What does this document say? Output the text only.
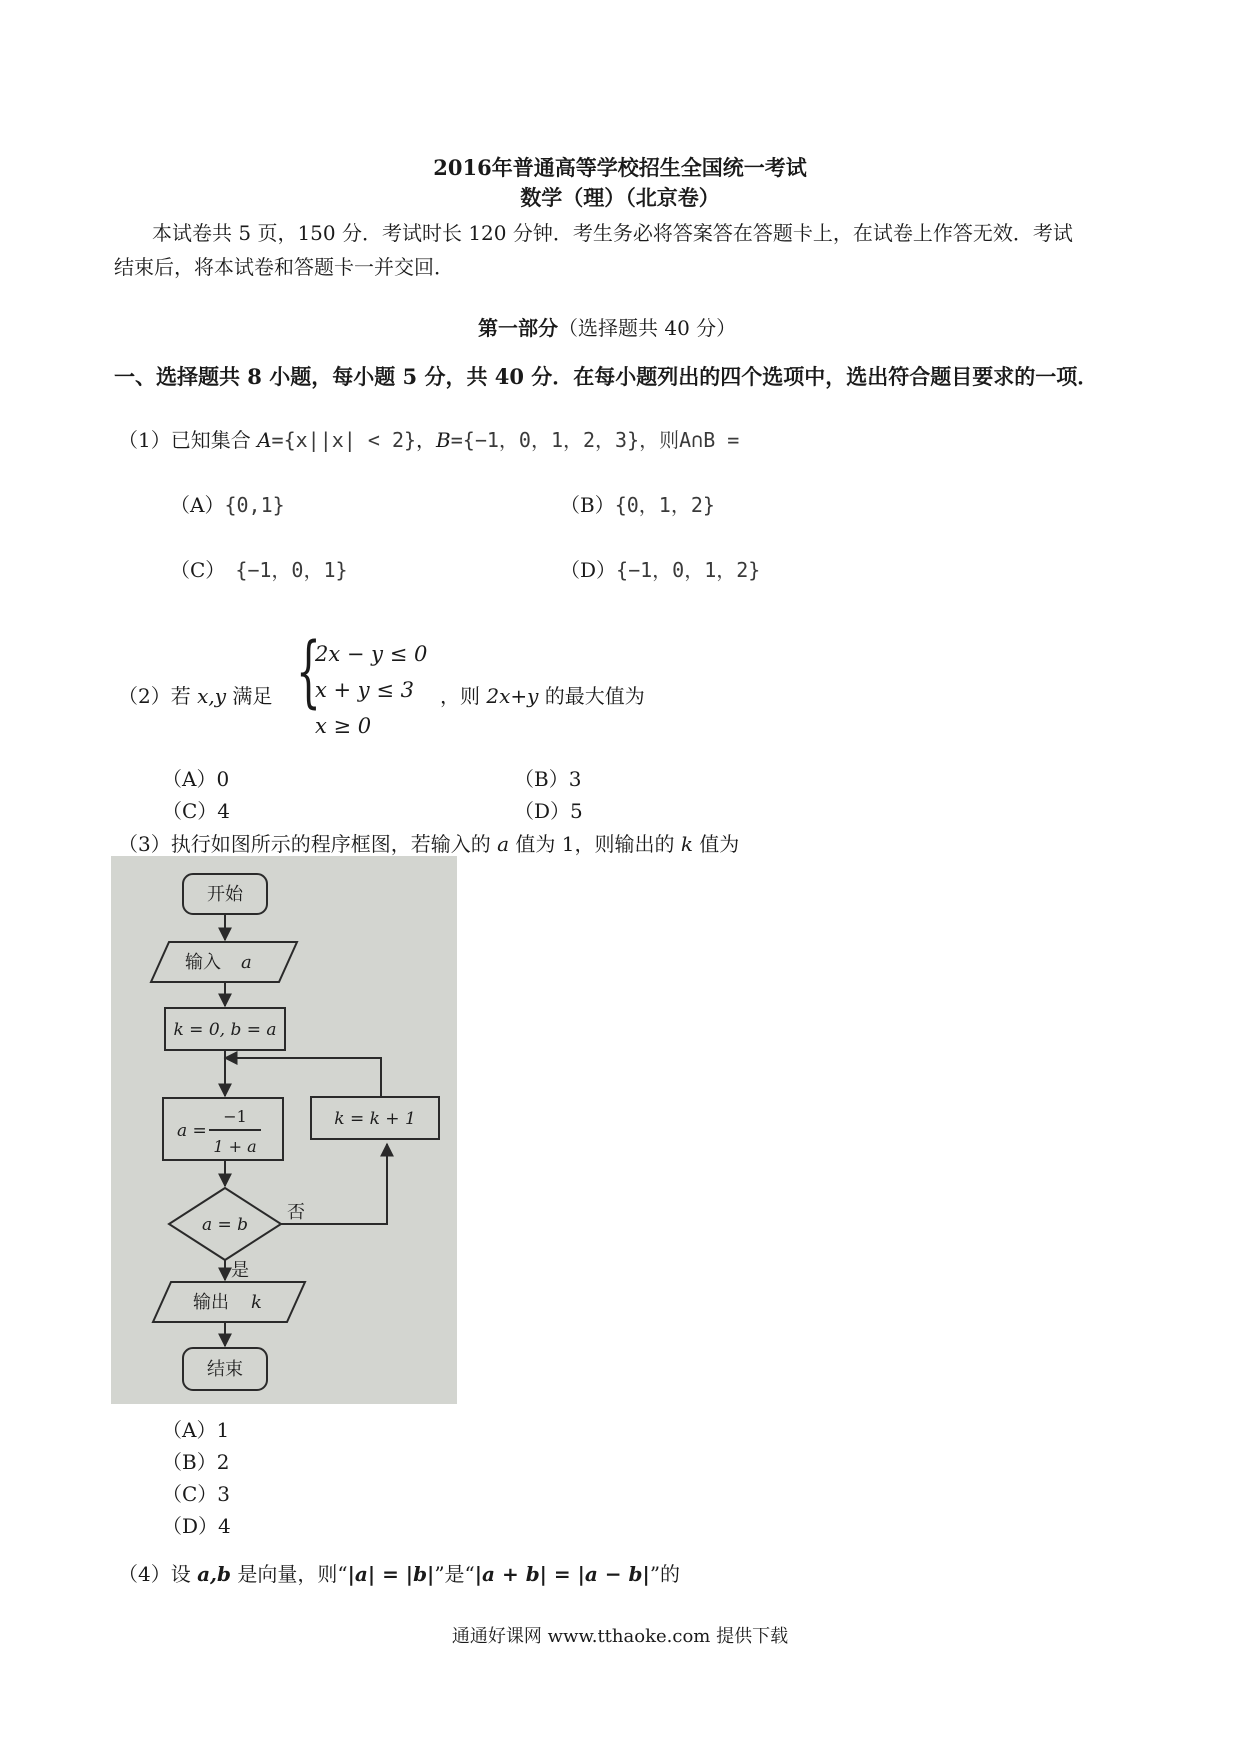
2016年普通高等学校招生全国统一考试
数学（理）（北京卷）
本试卷共 5 页，150 分．考试时长 120 分钟．考生务必将答案答在答题卡上，在试卷上作答无效．考试
结束后，将本试卷和答题卡一并交回．
第一部分（选择题共 40 分）
一、选择题共 8 小题，每小题 5 分，共 40 分．在每小题列出的四个选项中，选出符合题目要求的一项．
（1）已知集合 A={x||x| < 2}，B={−1，0，1，2，3}，则A∩B =
（A）{0,1}	（B）{0，1，2}
（C） {−1，0，1}	（D）{−1，0，1，2}
（2）若 x,y 满足 {
2x − y ≤ 0
x + y ≤ 3
x ≥ 0
，则 2x+y 的最大值为
（A）0	（B）3
（C）4	（D）5
（3）执行如图所示的程序框图，若输入的 a 值为 1，则输出的 k 值为
开始
输入 a
k = 0, b = a
a =
−1
1 + a
k = k + 1
a = b
否
是
输出 k
结束
（A）1
（B）2
（C）3
（D）4
（4）设 a,b 是向量，则“|a| = |b|”是“|a + b| = |a − b|”的
通通好课网 www.tthaoke.com 提供下载
